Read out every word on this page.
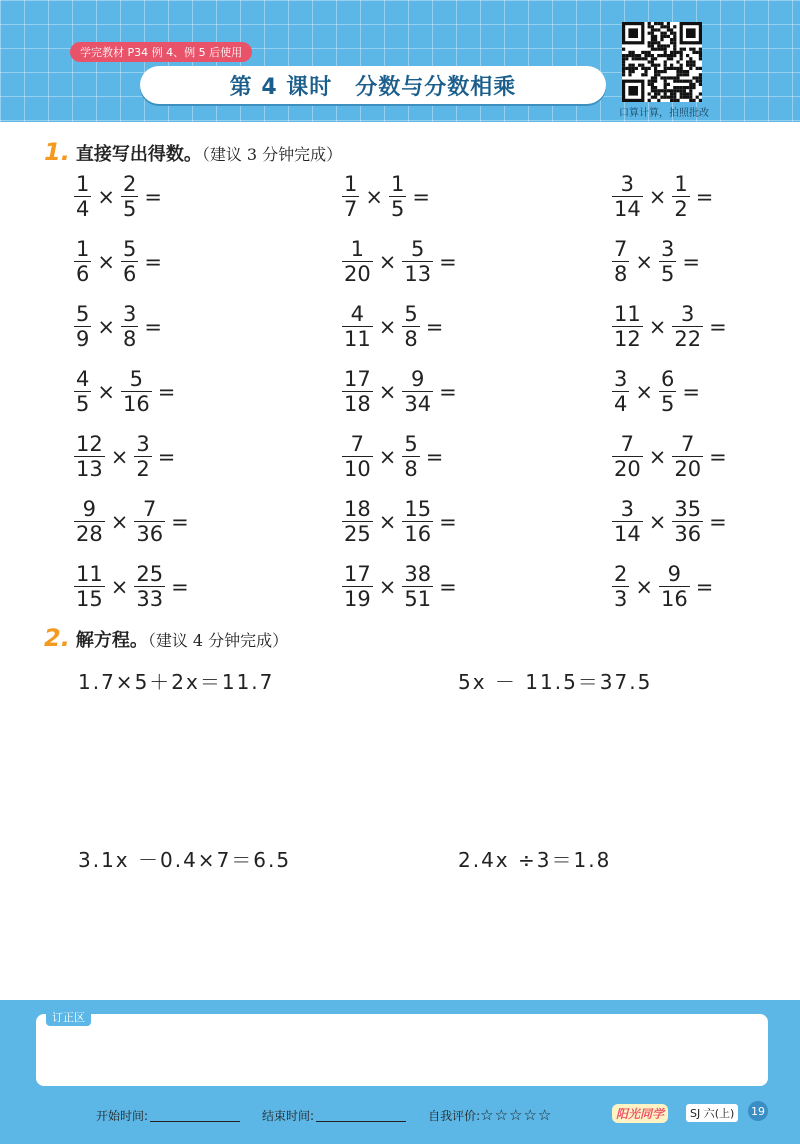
学完教材 P34 例 4、例 5 后使用
第 4 课时　分数与分数相乘
口算计算，拍照批改
1. 直接写出得数。（建议 3 分钟完成）
$\frac{1}{4} \times \frac{2}{5}$ =	$\frac{1}{7} \times \frac{1}{5}$ =	$\frac{3}{14} \times \frac{1}{2}$ =
$\frac{1}{6} \times \frac{5}{6}$ =	$\frac{1}{20} \times \frac{5}{13}$ =	$\frac{7}{8} \times \frac{3}{5}$ =
$\frac{5}{9} \times \frac{3}{8}$ =	$\frac{4}{11} \times \frac{5}{8}$ =	$\frac{11}{12} \times \frac{3}{22}$ =
$\frac{4}{5} \times \frac{5}{16}$ =	$\frac{17}{18} \times \frac{9}{34}$ =	$\frac{3}{4} \times \frac{6}{5}$ =
$\frac{12}{13} \times \frac{3}{2}$ =	$\frac{7}{10} \times \frac{5}{8}$ =	$\frac{7}{20} \times \frac{7}{20}$ =
$\frac{9}{28} \times \frac{7}{36}$ =	$\frac{18}{25} \times \frac{15}{16}$ =	$\frac{3}{14} \times \frac{35}{36}$ =
$\frac{11}{15} \times \frac{25}{33}$ =	$\frac{17}{19} \times \frac{38}{51}$ =	$\frac{2}{3} \times \frac{9}{16}$ =
2. 解方程。（建议 4 分钟完成）
1.7×5＋2x＝11.7	5x － 11.5＝37.5
3.1x －0.4×7＝6.5	2.4x ÷3＝1.8
订正区
开始时间:	结束时间:	自我评价: ☆☆☆☆☆	阳光同学	SJ 六(上)	19
